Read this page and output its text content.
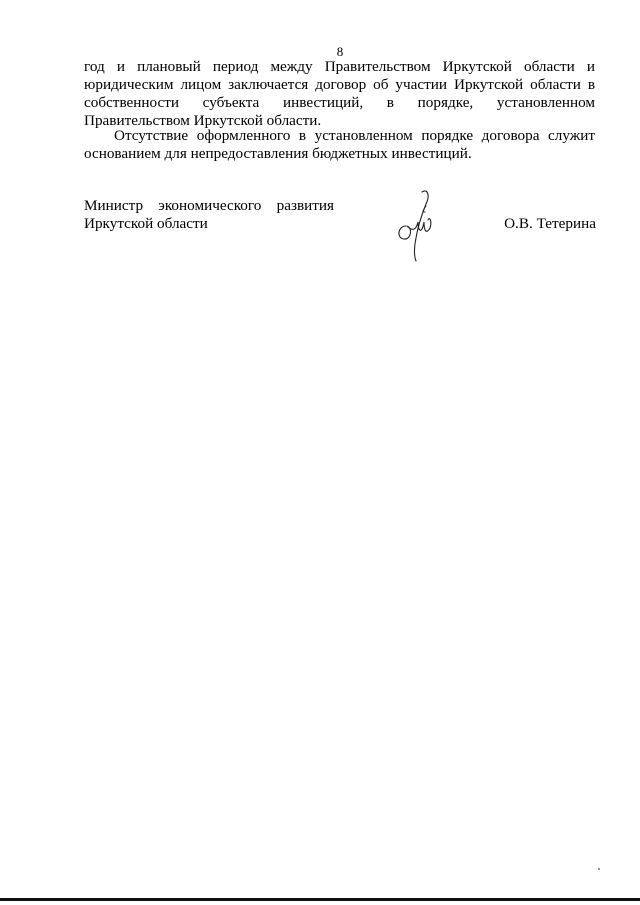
8
год и плановый период между Правительством Иркутской области и
юридическим лицом заключается договор об участии Иркутской области в
собственности субъекта инвестиций, в порядке, установленном
Правительством Иркутской области.
Отсутствие оформленного в установленном порядке договора служит
основанием для непредоставления бюджетных инвестиций.
Министр экономического развития
Иркутской области	О.В. Тетерина
